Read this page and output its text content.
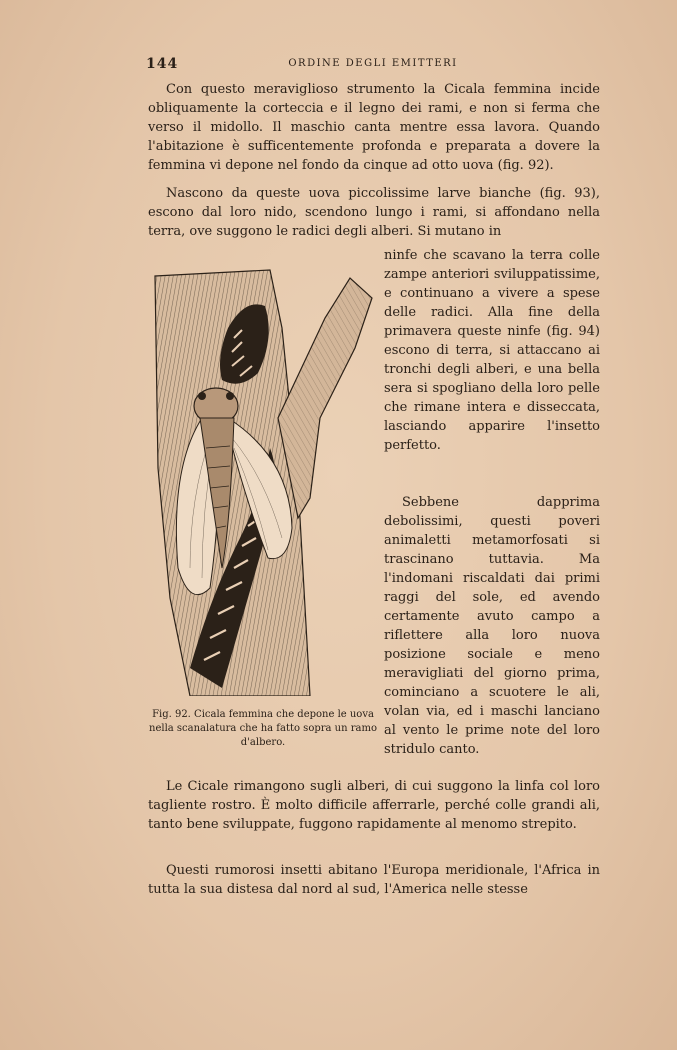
144	ORDINE DEGLI EMITTERI

Con questo meraviglioso strumento la Cicala femmina incide obliquamente la corteccia e il legno dei rami, e non si ferma che verso il midollo. Il maschio canta mentre essa lavora. Quando l'abitazione è sufficentemente profonda e preparata a dovere la femmina vi depone nel fondo da cinque ad otto uova (fig. 92).

Nascono da queste uova piccolissime larve bianche (fig. 93), escono dal loro nido, scendono lungo i rami, si affondano nella terra, ove suggono le radici degli alberi. Si mutano in

ninfe che scavano la terra colle zampe anteriori sviluppatissime, e continuano a vivere a spese delle radici. Alla fine della primavera queste ninfe (fig. 94) escono di terra, si attaccano ai tronchi degli alberi, e una bella sera si spogliano della loro pelle che rimane intera e disseccata, lasciando apparire l'insetto perfetto.

Sebbene dapprima debolissimi, questi poveri animaletti metamorfosati si trascinano tuttavia. Ma l'indomani riscaldati dai primi raggi del sole, ed avendo certamente avuto campo a riflettere alla loro nuova posizione sociale e meno meravigliati del giorno prima, cominciano a scuotere le ali, volan via, ed i maschi lanciano al vento le prime note del loro stridulo canto.

Fig. 92. Cicala femmina che depone le uova nella scanalatura che ha fatto sopra un ramo d'albero.

Le Cicale rimangono sugli alberi, di cui suggono la linfa col loro tagliente rostro. È molto difficile afferrarle, perché colle grandi ali, tanto bene sviluppate, fuggono rapidamente al menomo strepito.

Questi rumorosi insetti abitano l'Europa meridionale, l'Africa in tutta la sua distesa dal nord al sud, l'America nelle stesse
